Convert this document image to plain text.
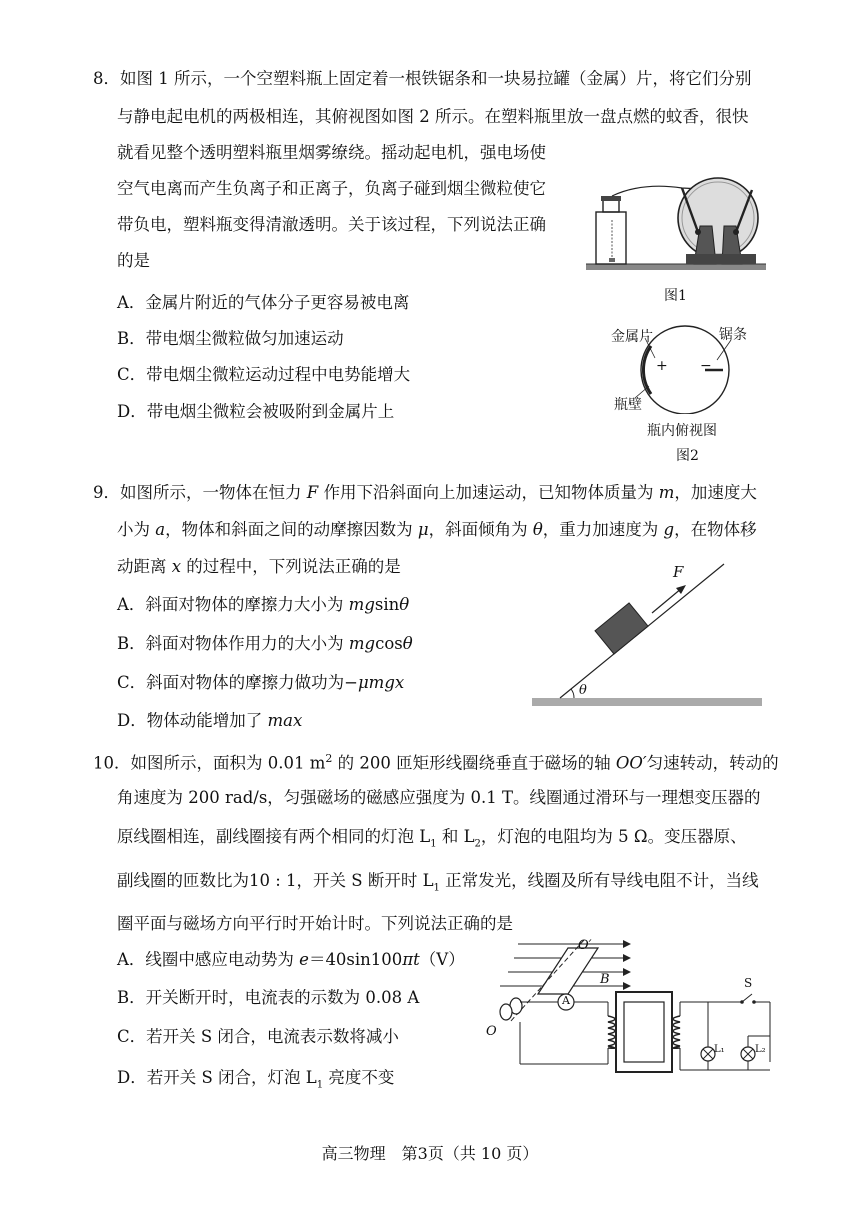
8．如图 1 所示，一个空塑料瓶上固定着一根铁锯条和一块易拉罐（金属）片，将它们分别
与静电起电机的两极相连，其俯视图如图 2 所示。在塑料瓶里放一盘点燃的蚊香，很快
就看见整个透明塑料瓶里烟雾缭绕。摇动起电机，强电场使
空气电离而产生负离子和正离子，负离子碰到烟尘微粒使它
带负电，塑料瓶变得清澈透明。关于该过程，下列说法正确
的是
A．金属片附近的气体分子更容易被电离
B．带电烟尘微粒做匀加速运动
C．带电烟尘微粒运动过程中电势能增大
D．带电烟尘微粒会被吸附到金属片上
图1
金属片	锯条
+ −
瓶壁
瓶内俯视图
图2
9．如图所示，一物体在恒力 F 作用下沿斜面向上加速运动，已知物体质量为 m，加速度大
小为 a，物体和斜面之间的动摩擦因数为 μ，斜面倾角为 θ，重力加速度为 g，在物体移
动距离 x 的过程中，下列说法正确的是
A．斜面对物体的摩擦力大小为 mgsinθ
B．斜面对物体作用力的大小为 mgcosθ
C．斜面对物体的摩擦力做功为−μmgx
D．物体动能增加了 max
F
θ
10．如图所示，面积为 0.01 $m^2$ 的 200 匝矩形线圈绕垂直于磁场的轴 OO′匀速转动，转动的
角速度为 200 rad/s，匀强磁场的磁感应强度为 0.1 T。线圈通过滑环与一理想变压器的
原线圈相连，副线圈接有两个相同的灯泡 $L_1$ 和 $L_2$，灯泡的电阻均为 5 Ω。变压器原、
副线圈的匝数比为10 : 1，开关 S 断开时 $L_1$ 正常发光，线圈及所有导线电阻不计，当线
圈平面与磁场方向平行时开始计时。下列说法正确的是
A．线圈中感应电动势为 e＝40sin100πt（V）
B．开关断开时，电流表的示数为 0.08 A
C．若开关 S 闭合，电流表示数将减小
D．若开关 S 闭合，灯泡 $L_1$ 亮度不变
O′
B
O
A
S
L₁	L₂
高三物理　第3页（共 10 页）
